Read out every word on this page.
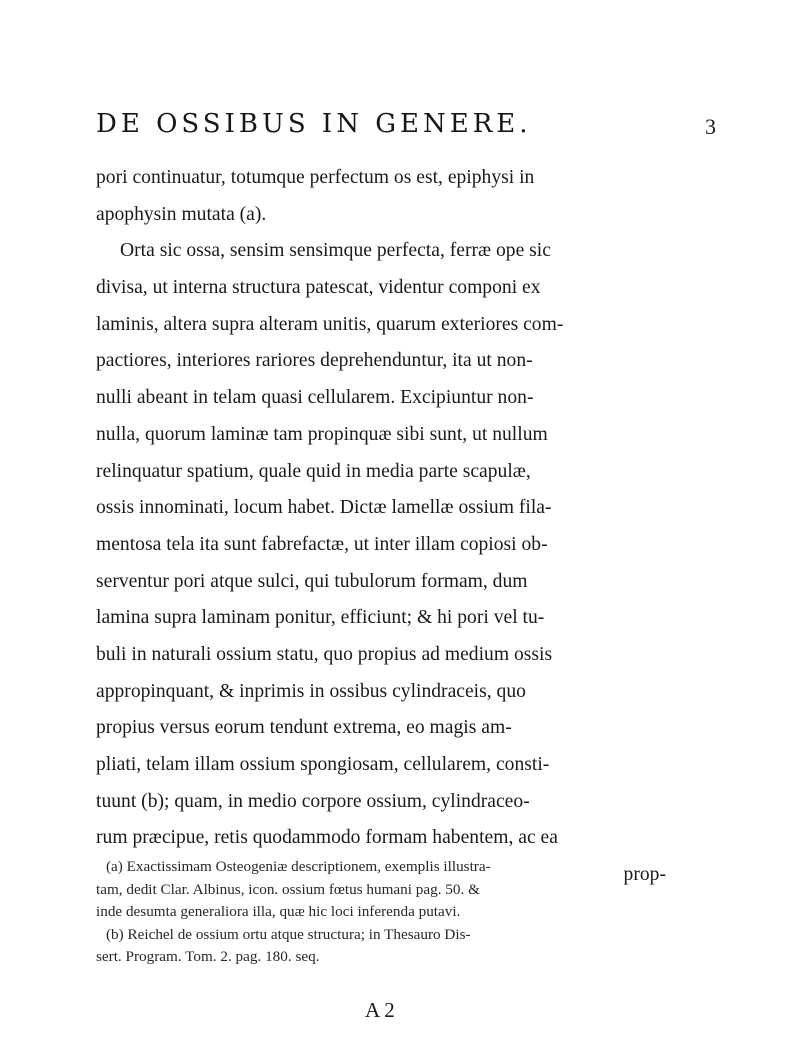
DE OSSIBUS IN GENERE.	3
pori continuatur, totumque perfectum os est, epiphysi in
apophysin mutata (a).
Orta sic ossa, sensim sensimque perfecta, ferræ ope sic
divisa, ut interna structura patescat, videntur componi ex
laminis, altera supra alteram unitis, quarum exteriores com-
pactiores, interiores rariores deprehenduntur, ita ut non-
nulli abeant in telam quasi cellularem. Excipiuntur non-
nulla, quorum laminæ tam propinquæ sibi sunt, ut nullum
relinquatur spatium, quale quid in media parte scapulæ,
ossis innominati, locum habet. Dictæ lamellæ ossium fila-
mentosa tela ita sunt fabrefactæ, ut inter illam copiosi ob-
serventur pori atque sulci, qui tubulorum formam, dum
lamina supra laminam ponitur, efficiunt; & hi pori vel tu-
buli in naturali ossium statu, quo propius ad medium ossis
appropinquant, & inprimis in ossibus cylindraceis, quo
propius versus eorum tendunt extrema, eo magis am-
pliati, telam illam ossium spongiosam, cellularem, consti-
tuunt (b); quam, in medio corpore ossium, cylindraceo-
rum præcipue, retis quodammodo formam habentem, ac ea
prop-
(a) Exactissimam Osteogeniæ descriptionem, exemplis illustra-
tam, dedit Clar. Albinus, icon. ossium fœtus humani pag. 50. &
inde desumta generaliora illa, quæ hic loci inferenda putavi.
(b) Reichel de ossium ortu atque structura; in Thesauro Dis-
sert. Program. Tom. 2. pag. 180. seq.
A 2
